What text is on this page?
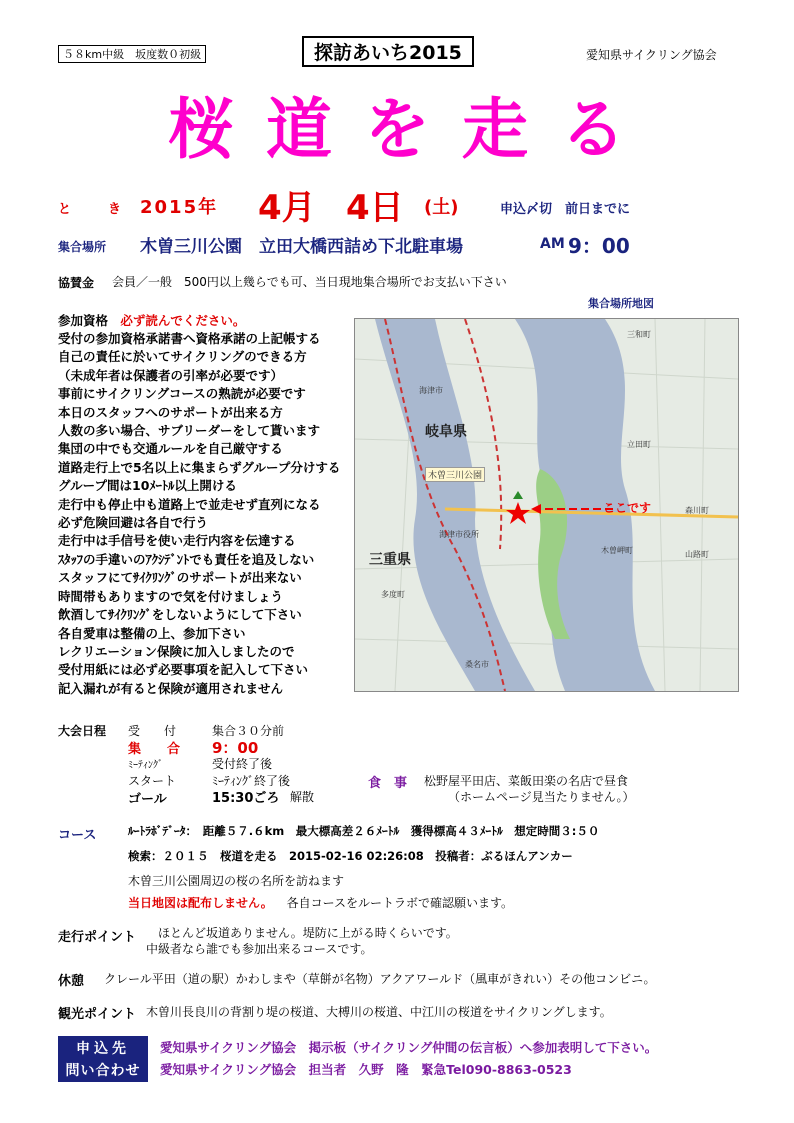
５８km中級　坂度数０初級	探訪あいち2015	愛知県サイクリング協会
桜道を走る
と　き 2015年 4月 4日 (土)	申込〆切　前日までに
集合場所 木曽三川公園　立田大橋西詰め下北駐車場	AM 9：00
協賛金 会員／一般　500円以上幾らでも可、当日現地集合場所でお支払い下さい
集合場所地図
参加資格 必ず読んでください。
受付の参加資格承諾書へ資格承諾の上記帳する
自己の責任に於いてサイクリングのできる方
（未成年者は保護者の引率が必要です）
事前にサイクリングコースの熟読が必要です
本日のスタッフへのサポートが出来る方
人数の多い場合、サブリーダーをして貰います
集団の中でも交通ルールを自己厳守する
道路走行上で5名以上に集まらずグループ分けする
グループ間は10ﾒｰﾄﾙ以上開ける
走行中も停止中も道路上で並走せず直列になる
必ず危険回避は各自で行う
走行中は手信号を使い走行内容を伝達する
ｽﾀｯﾌの手違いのｱｸｼﾃﾞﾝﾄでも責任を追及しない
スタッフにてｻｲｸﾘﾝｸﾞのサポートが出来ない
時間帯もありますので気を付けましょう
飲酒してｻｲｸﾘﾝｸﾞをしないようにして下さい
各自愛車は整備の上、参加下さい
レクリエーション保険に加入しましたので
受付用紙には必ず必要事項を記入して下さい
記入漏れが有ると保険が適用されません
岐阜県
三重県
木曽三川公園
ここです
海津市
海津市役所
立田町
山路町
三和町
森川町
木曽岬町
多度町
桑名市
大会日程 受　　付	集合３０分前
集　　合 9：00
ﾐｰﾃｨﾝｸﾞ	受付終了後
スタート	ﾐｰﾃｨﾝｸﾞ終了後
ゴール	15:30ごろ 解散
食　事 松野屋平田店、菜飯田楽の名店で昼食
（ホームページ見当たりません。）
コース	ﾙｰﾄﾗﾎﾞﾃﾞｰﾀ：　距離５７.６km　最大標高差２６ﾒｰﾄﾙ　獲得標高４３ﾒｰﾄﾙ　想定時間３:５０
検索：２０１５　桜道を走る　2015-02-16 02:26:08　投稿者：ぶるほんアンカー
木曽三川公園周辺の桜の名所を訪ねます
当日地図は配布しません。 各自コースをルートラボで確認願います。
走行ポイント ほとんど坂道ありません。堤防に上がる時くらいです。
中級者なら誰でも参加出来るコースです。
休憩 クレール平田（道の駅）かわしまや（草餅が名物）アクアワールド（風車がきれい）その他コンビニ。
観光ポイント 木曽川長良川の背割り堤の桜道、大榑川の桜道、中江川の桜道をサイクリングします。
申込先	愛知県サイクリング協会　掲示板（サイクリング仲間の伝言板）へ参加表明して下さい。
問い合わせ	愛知県サイクリング協会　担当者　久野　隆　緊急Tel090-8863-0523
